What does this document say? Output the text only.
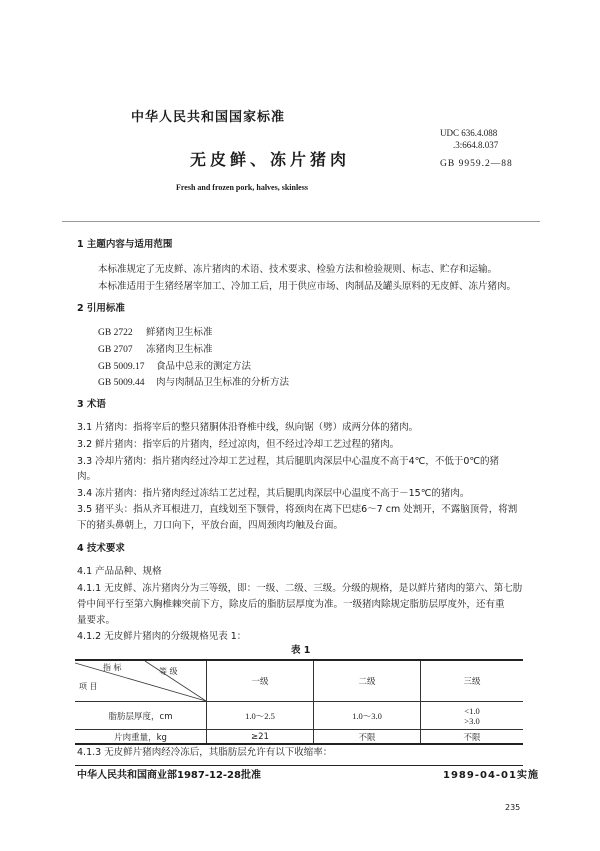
中华人民共和国国家标准
UDC 636.4.088
.3:664.8.037
无皮鲜、冻片猪肉	GB 9959.2—88
Fresh and frozen pork, halves, skinless
1 主题内容与适用范围
本标准规定了无皮鲜、冻片猪肉的术语、技术要求、检验方法和检验规则、标志、贮存和运输。
本标准适用于生猪经屠宰加工、冷加工后，用于供应市场、肉制品及罐头原料的无皮鲜、冻片猪肉。
2 引用标准
GB 2722 鲜猪肉卫生标准
GB 2707 冻猪肉卫生标准
GB 5009.17 食品中总汞的测定方法
GB 5009.44 肉与肉制品卫生标准的分析方法
3 术语
3.1 片猪肉：指将宰后的整只猪胴体沿脊椎中线，纵向锯（劈）成两分体的猪肉。
3.2 鲜片猪肉：指宰后的片猪肉，经过凉肉，但不经过冷却工艺过程的猪肉。
3.3 冷却片猪肉：指片猪肉经过冷却工艺过程，其后腿肌肉深层中心温度不高于4℃，不低于0℃的猪
肉。
3.4 冻片猪肉：指片猪肉经过冻结工艺过程，其后腿肌肉深层中心温度不高于－15℃的猪肉。
3.5 猪平头：指从齐耳根进刀，直线划至下颚骨，将颈肉在离下巴痣6～7 cm 处割开，不露脑顶骨，将割
下的猪头鼻朝上，刀口向下，平放台面，四周颈肉均触及台面。
4 技术要求
4.1 产品品种、规格
4.1.1 无皮鲜、冻片猪肉分为三等级，即：一级、二级、三级。分级的规格，是以鲜片猪肉的第六、第七肋
骨中间平行至第六胸椎棘突前下方，除皮后的脂肪层厚度为准。一级猪肉除规定脂肪层厚度外，还有重
量要求。
4.1.2 无皮鲜片猪肉的分级规格见表 1：
表 1
指 标 等 级
项 目	一级	二级	三级
脂肪层厚度，cm	1.0～2.5	1.0～3.0	<1.0
>3.0

片肉重量，kg	≥21	不限	不限
4.1.3 无皮鲜片猪肉经冷冻后，其脂肪层允许有以下收缩率：
中华人民共和国商业部1987-12-28批准	1989-04-01实施
235
